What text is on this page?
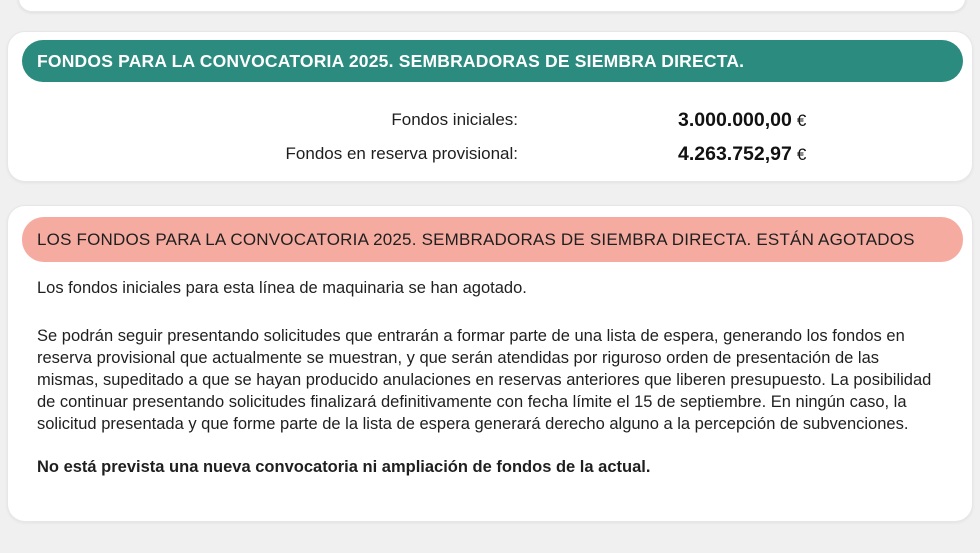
FONDOS PARA LA CONVOCATORIA 2025. SEMBRADORAS DE SIEMBRA DIRECTA.
Fondos iniciales:	3.000.000,00 €
Fondos en reserva provisional:	4.263.752,97 €
LOS FONDOS PARA LA CONVOCATORIA 2025. SEMBRADORAS DE SIEMBRA DIRECTA. ESTÁN AGOTADOS

Los fondos iniciales para esta línea de maquinaria se han agotado.

Se podrán seguir presentando solicitudes que entrarán a formar parte de una lista de espera, generando los fondos en reserva provisional que actualmente se muestran, y que serán atendidas por riguroso orden de presentación de las mismas, supeditado a que se hayan producido anulaciones en reservas anteriores que liberen presupuesto. La posibilidad de continuar presentando solicitudes finalizará definitivamente con fecha límite el 15 de septiembre. En ningún caso, la solicitud presentada y que forme parte de la lista de espera generará derecho alguno a la percepción de subvenciones.

No está prevista una nueva convocatoria ni ampliación de fondos de la actual.
